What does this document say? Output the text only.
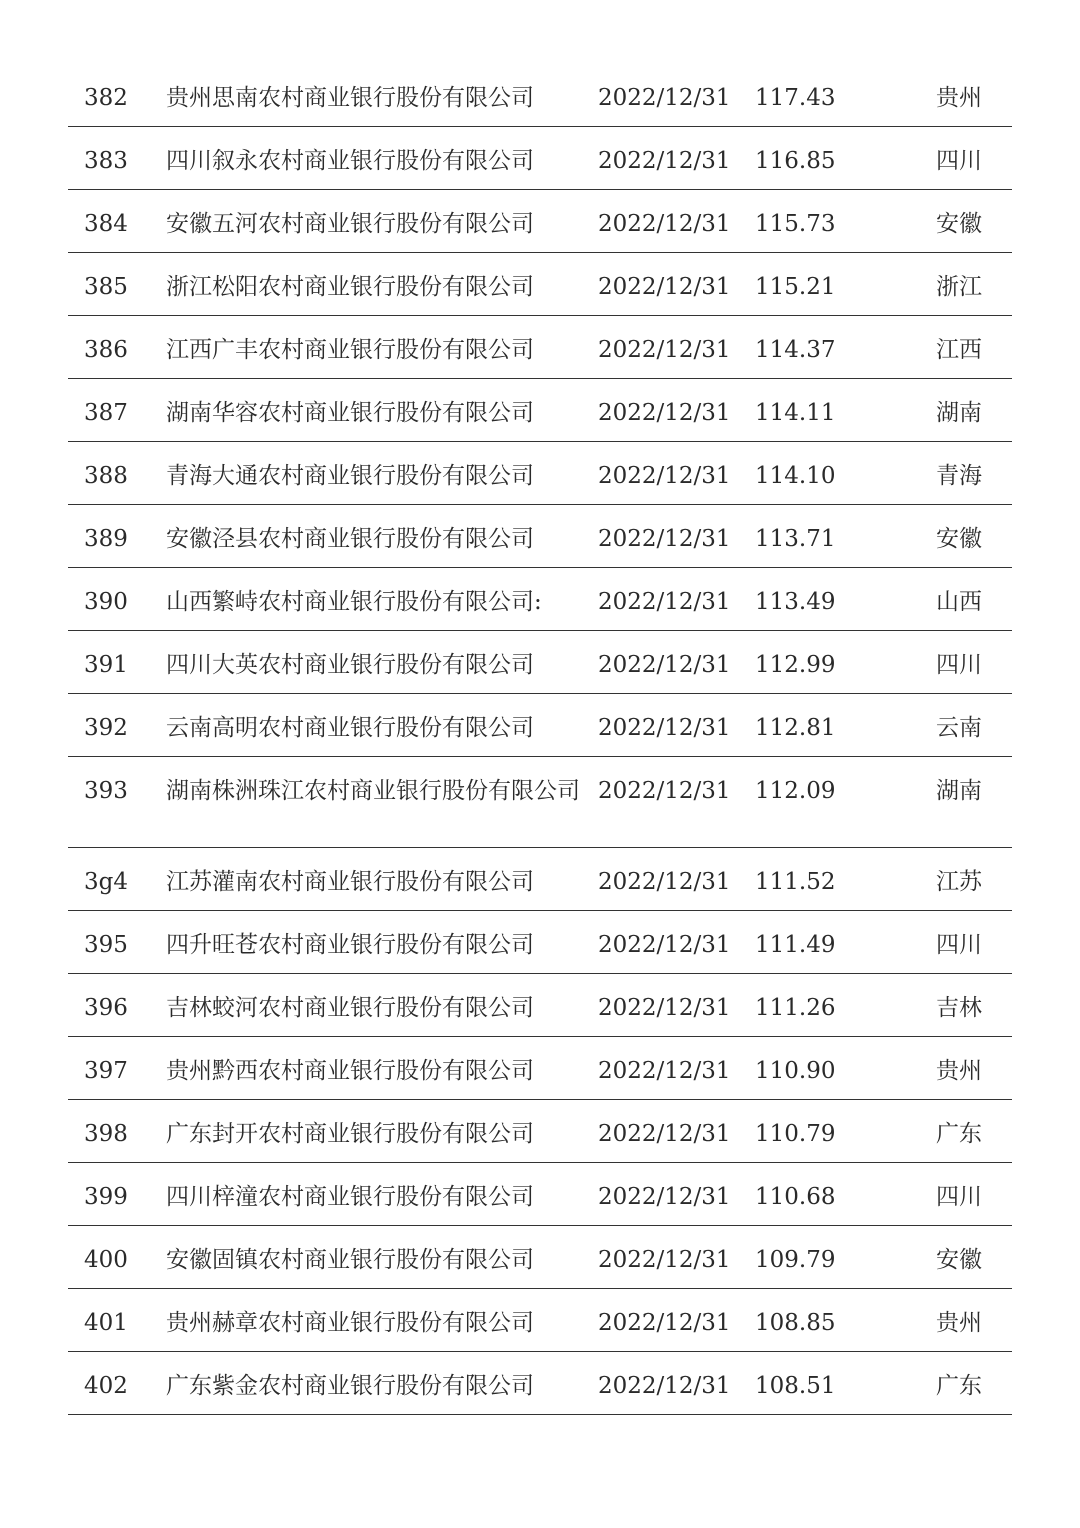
382	贵州思南农村商业银行股份有限公司	2022/12/31	117.43	贵州
383	四川叙永农村商业银行股份有限公司	2022/12/31	116.85	四川
384	安徽五河农村商业银行股份有限公司	2022/12/31	115.73	安徽
385	浙江松阳农村商业银行股份有限公司	2022/12/31	115.21	浙江
386	江西广丰农村商业银行股份有限公司	2022/12/31	114.37	江西
387	湖南华容农村商业银行股份有限公司	2022/12/31	114.11	湖南
388	青海大通农村商业银行股份有限公司	2022/12/31	114.10	青海
389	安徽泾县农村商业银行股份有限公司	2022/12/31	113.71	安徽
390	山西繁峙农村商业银行股份有限公司:	2022/12/31	113.49	山西
391	四川大英农村商业银行股份有限公司	2022/12/31	112.99	四川
392	云南高明农村商业银行股份有限公司	2022/12/31	112.81	云南
393	湖南株洲珠江农村商业银行股份有限公司 2022/12/31	112.09	湖南
3g4	江苏灌南农村商业银行股份有限公司	2022/12/31	111.52	江苏
395	四升旺苍农村商业银行股份有限公司	2022/12/31	111.49	四川
396	吉林蛟河农村商业银行股份有限公司	2022/12/31	111.26	吉林
397	贵州黔西农村商业银行股份有限公司	2022/12/31	110.90	贵州
398	广东封开农村商业银行股份有限公司	2022/12/31	110.79	广东
399	四川梓潼农村商业银行股份有限公司	2022/12/31	110.68	四川
400	安徽固镇农村商业银行股份有限公司	2022/12/31	109.79	安徽
401	贵州赫章农村商业银行股份有限公司	2022/12/31	108.85	贵州
402	广东紫金农村商业银行股份有限公司	2022/12/31	108.51	广东
